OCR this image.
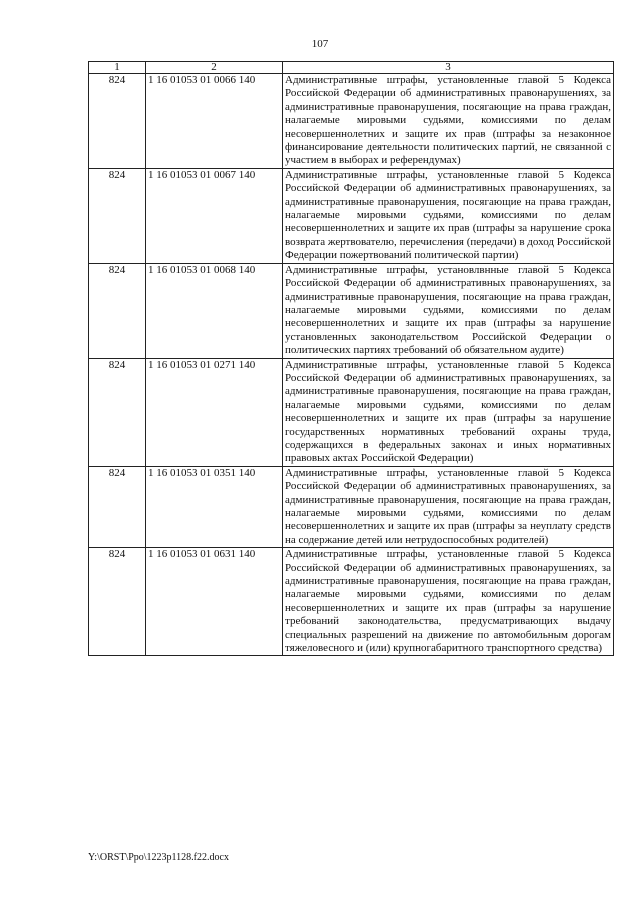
107
1	2	3
824	1 16 01053 01 0066 140	Административные штрафы, установленные главой 5 Кодекса Российской Федерации об административных правонарушениях, за административные правонарушения, посягающие на права граждан, налагаемые мировыми судьями, комиссиями по делам несовершеннолетних и защите их прав (штрафы за незаконное финансирование деятельности политических партий, не связанной с участием в выборах и референдумах)
824	1 16 01053 01 0067 140	Административные штрафы, установленные главой 5 Кодекса Российской Федерации об административных правонарушениях, за административные правонарушения, посягающие на права граждан, налагаемые мировыми судьями, комиссиями по делам несовершеннолетних и защите их прав (штрафы за нарушение срока возврата жертвователю, перечисления (передачи) в доход Российской Федерации пожертвований политической партии)
824	1 16 01053 01 0068 140	Административные штрафы, установлвнные главой 5 Кодекса Российской Федерации об административных правонарушениях, за административные правонарушения, посягающие на права граждан, налагаемые мировыми судьями, комиссиями по делам несовершеннолетних и защите их прав (штрафы за нарушение установленных законодательством Российской Федерации о политических партиях требований об обязательном аудите)
824	1 16 01053 01 0271 140	Административные штрафы, установленные главой 5 Кодекса Российской Федерации об административных правонарушениях, за административные правонарушения, посягающие на права граждан, налагаемые мировыми судьями, комиссиями по делам несовершеннолетних и защите их прав (штрафы за нарушение государственных нормативных требований охраны труда, содержащихся в федеральных законах и иных нормативных правовых актах Российской Федерации)
824	1 16 01053 01 0351 140	Административные штрафы, установленные главой 5 Кодекса Российской Федерации об административных правонарушениях, за административные правонарушения, посягающие на права граждан, налагаемые мировыми судьями, комиссиями по делам несовершеннолетних и защите их прав (штрафы за неуплату средств на содержание детей или нетрудоспособных родителей)
824	1 16 01053 01 0631 140	Административные штрафы, установленные главой 5 Кодекса Российской Федерации об административных правонарушениях, за административные правонарушения, посягающие на права граждан, налагаемые мировыми судьями, комиссиями по делам несовершеннолетних и защите их прав (штрафы за нарушение требований законодательства, предусматривающих выдачу специальных разрешений на движение по автомобильным дорогам тяжеловесного и (или) крупногабаритного транспортного средства)
Y:\ORST\Ppo\1223p1128.f22.docx
